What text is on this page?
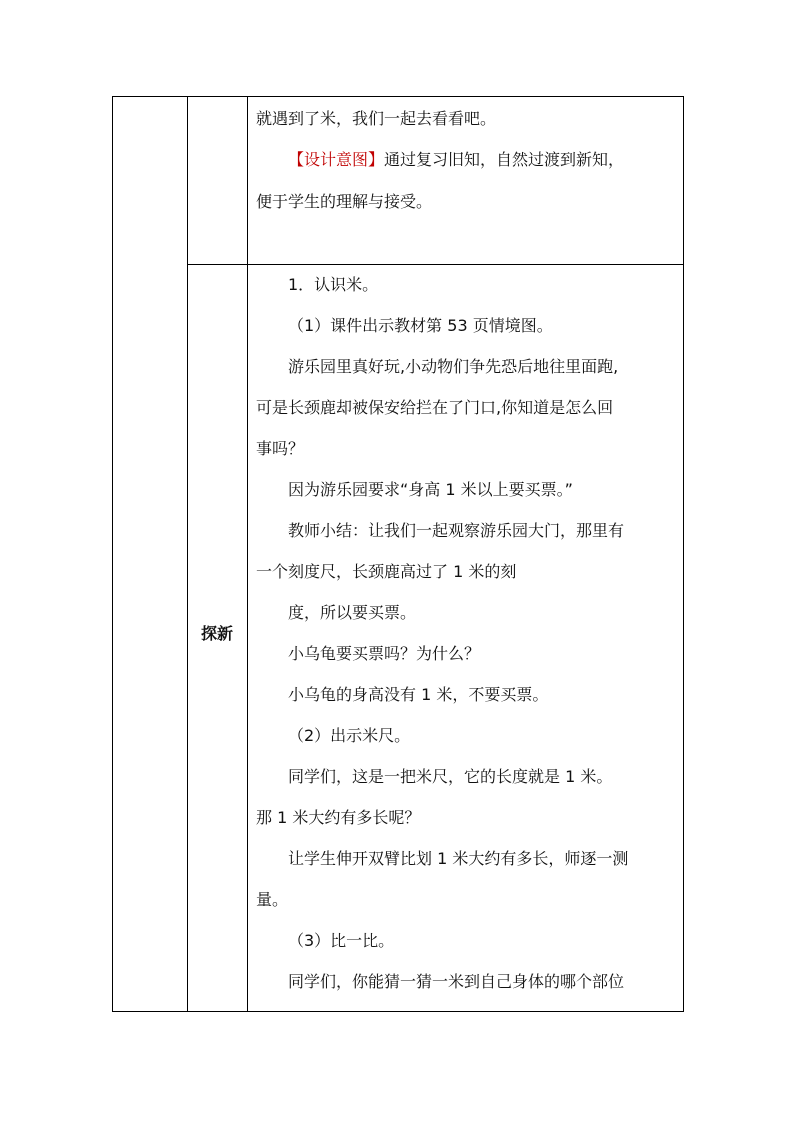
探新
就遇到了米，我们一起去看看吧。
【设计意图】通过复习旧知，自然过渡到新知，
便于学生的理解与接受。
1．认识米。
（1）课件出示教材第 53 页情境图。
游乐园里真好玩,小动物们争先恐后地往里面跑,
可是长颈鹿却被保安给拦在了门口,你知道是怎么回
事吗？
因为游乐园要求“身高 1 米以上要买票。”
教师小结：让我们一起观察游乐园大门，那里有
一个刻度尺，长颈鹿高过了 1 米的刻
度，所以要买票。
小乌龟要买票吗？为什么？
小乌龟的身高没有 1 米，不要买票。
（2）出示米尺。
同学们，这是一把米尺，它的长度就是 1 米。
那 1 米大约有多长呢？
让学生伸开双臂比划 1 米大约有多长，师逐一测
量。
（3）比一比。
同学们，你能猜一猜一米到自己身体的哪个部位
